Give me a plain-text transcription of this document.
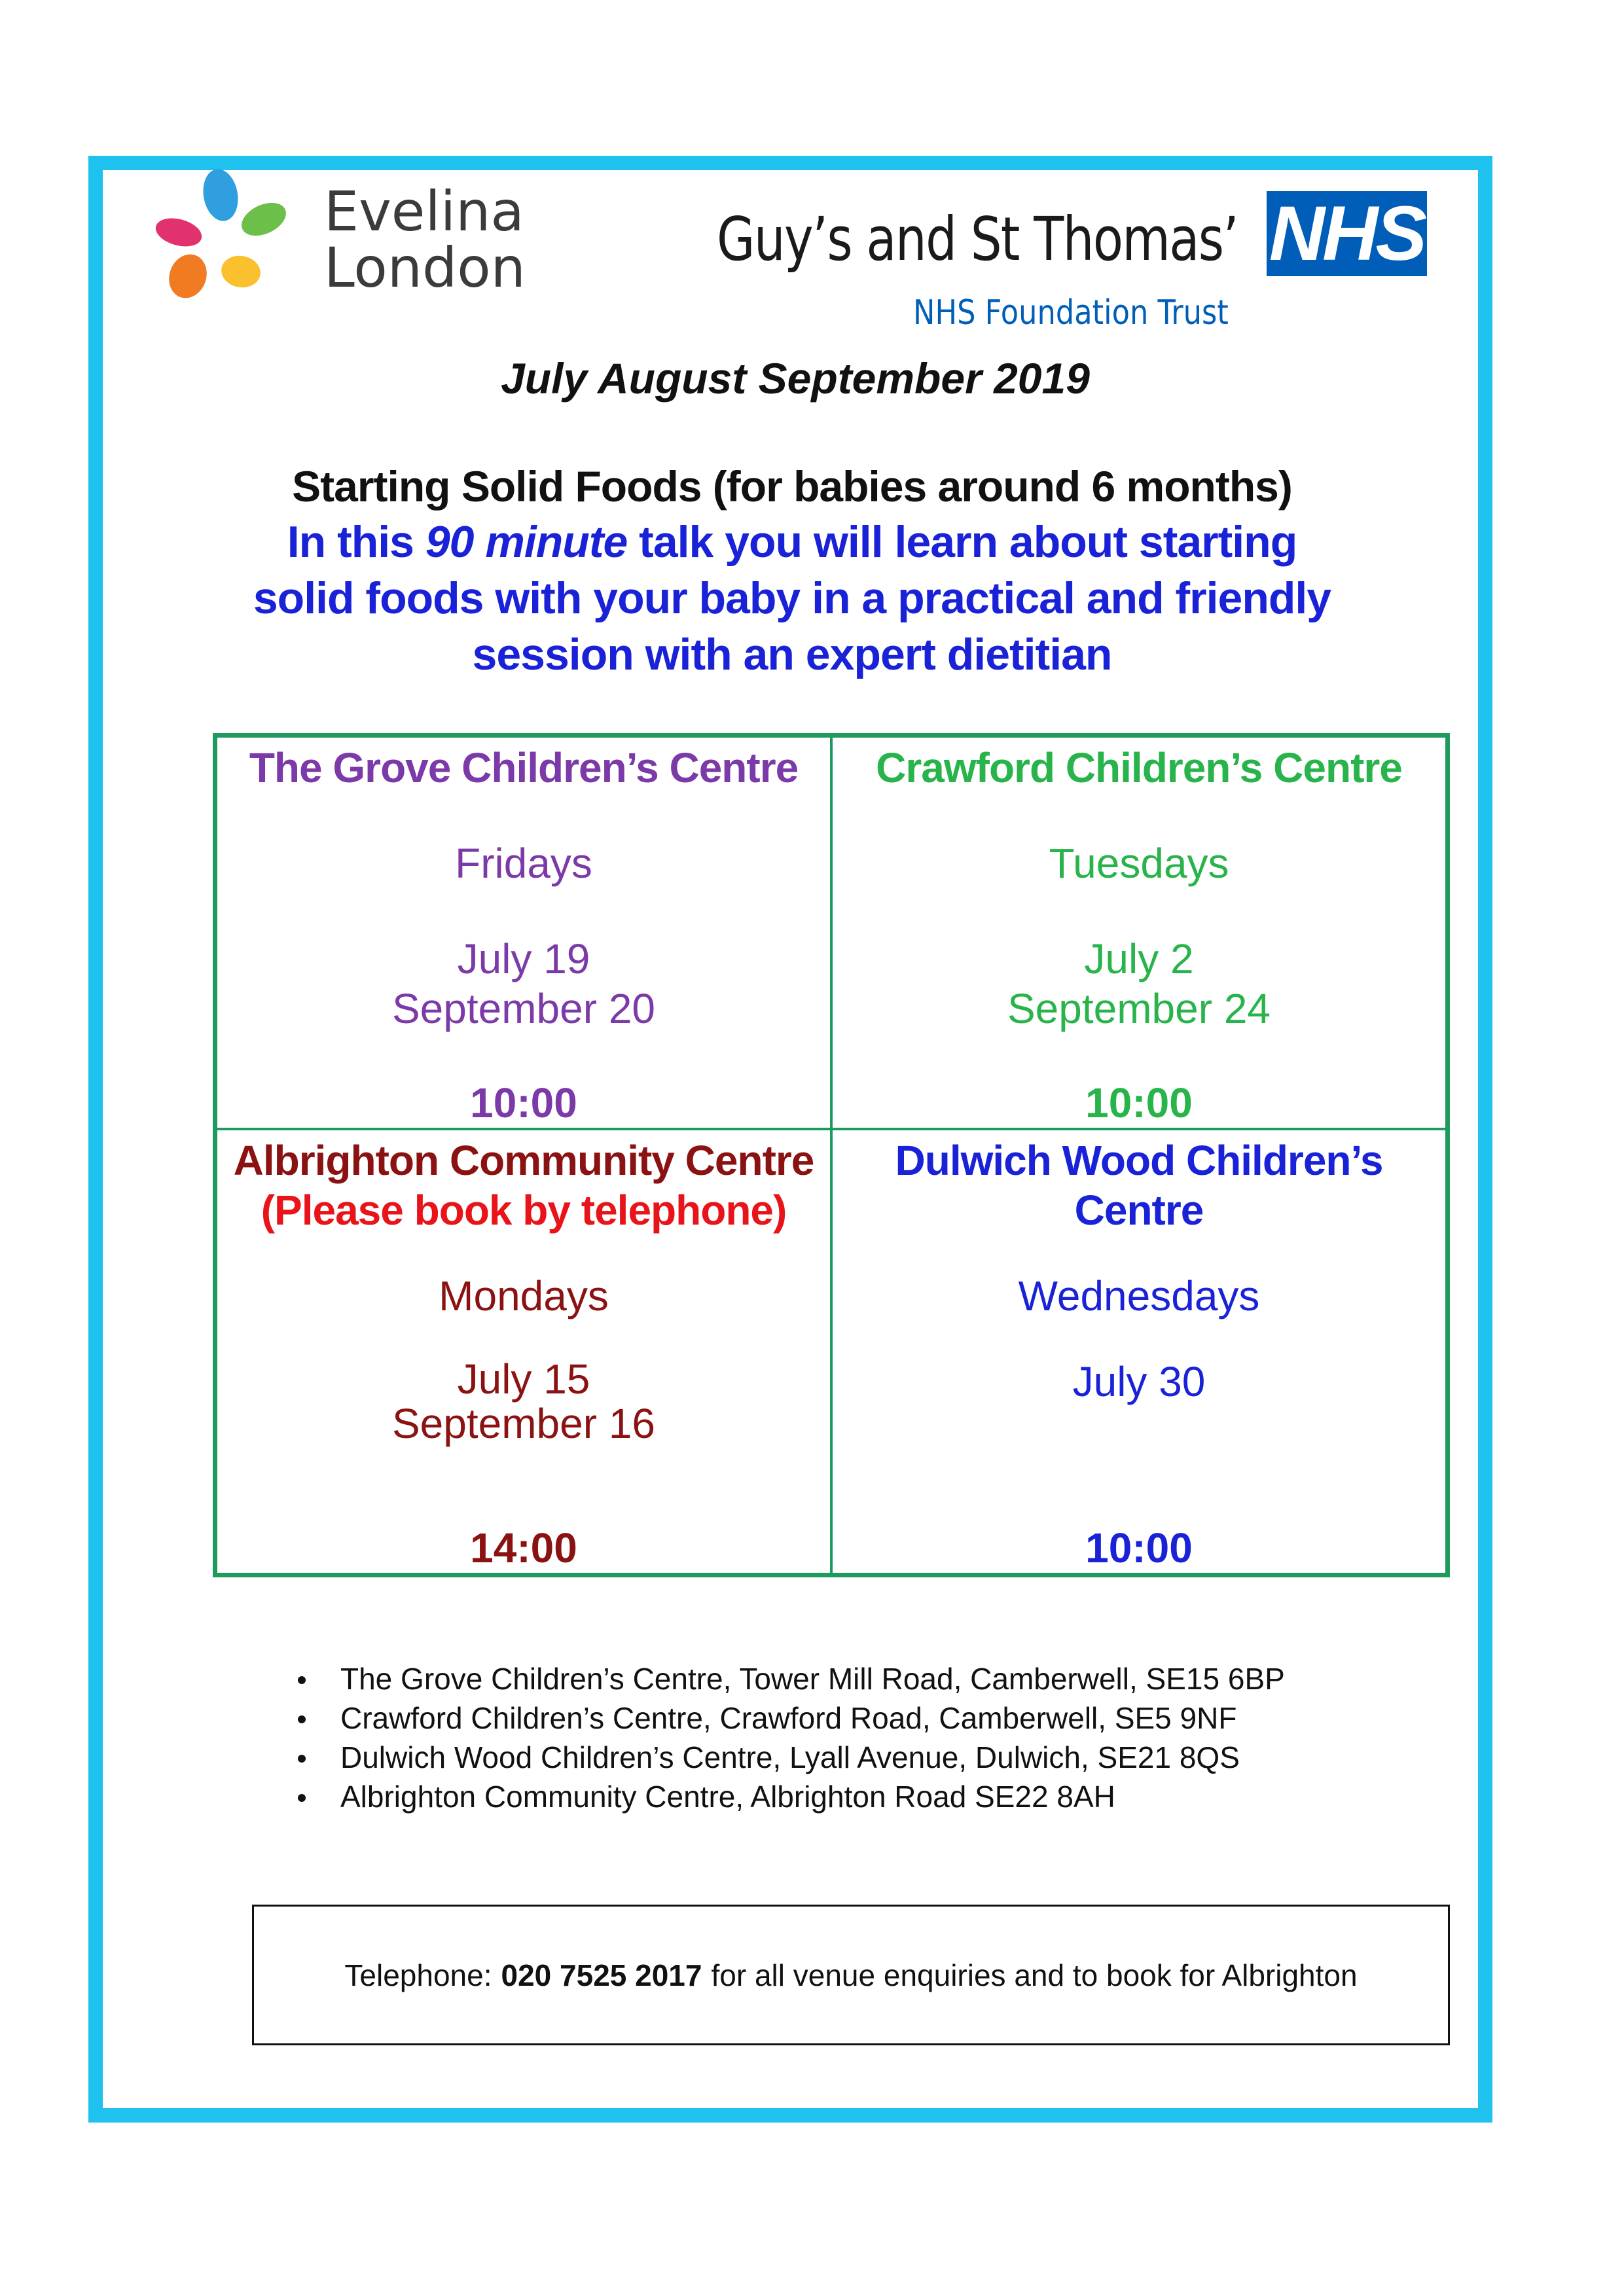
Evelina
London	Guy’s and St Thomas’ NHS
NHS Foundation Trust
July August September 2019
Starting Solid Foods (for babies around 6 months)
In this 90 minute talk you will learn about starting solid foods with your baby in a practical and friendly session with an expert dietitian
The Grove Children’s Centre
Fridays
July 19
September 20
10:00
Crawford Children’s Centre
Tuesdays
July 2
September 24
10:00
Albrighton Community Centre
(Please book by telephone)
Mondays
July 15
September 16
14:00
Dulwich Wood Children’s Centre
Wednesdays
July 30
10:00
The Grove Children’s Centre, Tower Mill Road, Camberwell, SE15 6BP
Crawford Children’s Centre, Crawford Road, Camberwell, SE5 9NF
Dulwich Wood Children’s Centre, Lyall Avenue, Dulwich, SE21 8QS
Albrighton Community Centre, Albrighton Road SE22 8AH
Telephone: 020 7525 2017 for all venue enquiries and to book for Albrighton
